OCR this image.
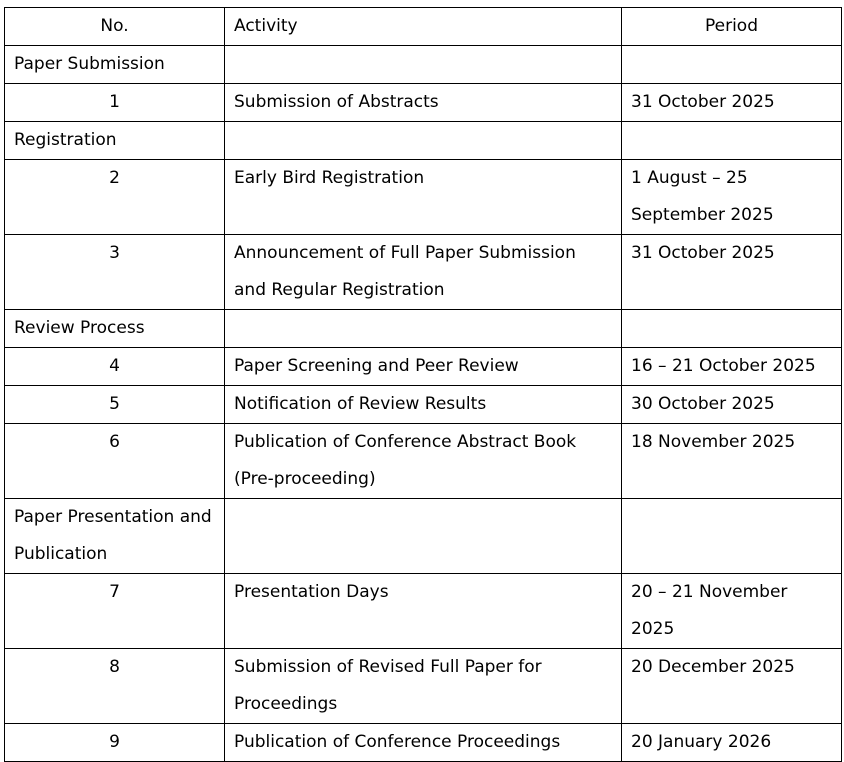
No.	Activity	Period
Paper Submission		
1	Submission of Abstracts	31 October 2025
Registration		
2	Early Bird Registration	1 August – 25 September 2025
3	Announcement of Full Paper Submission and Regular Registration	31 October 2025
Review Process		
4	Paper Screening and Peer Review	16 – 21 October 2025
5	Notification of Review Results	30 October 2025
6	Publication of Conference Abstract Book (Pre-proceeding)	18 November 2025
Paper Presentation and Publication		
7	Presentation Days	20 – 21 November 2025
8	Submission of Revised Full Paper for Proceedings	20 December 2025
9	Publication of Conference Proceedings	20 January 2026
